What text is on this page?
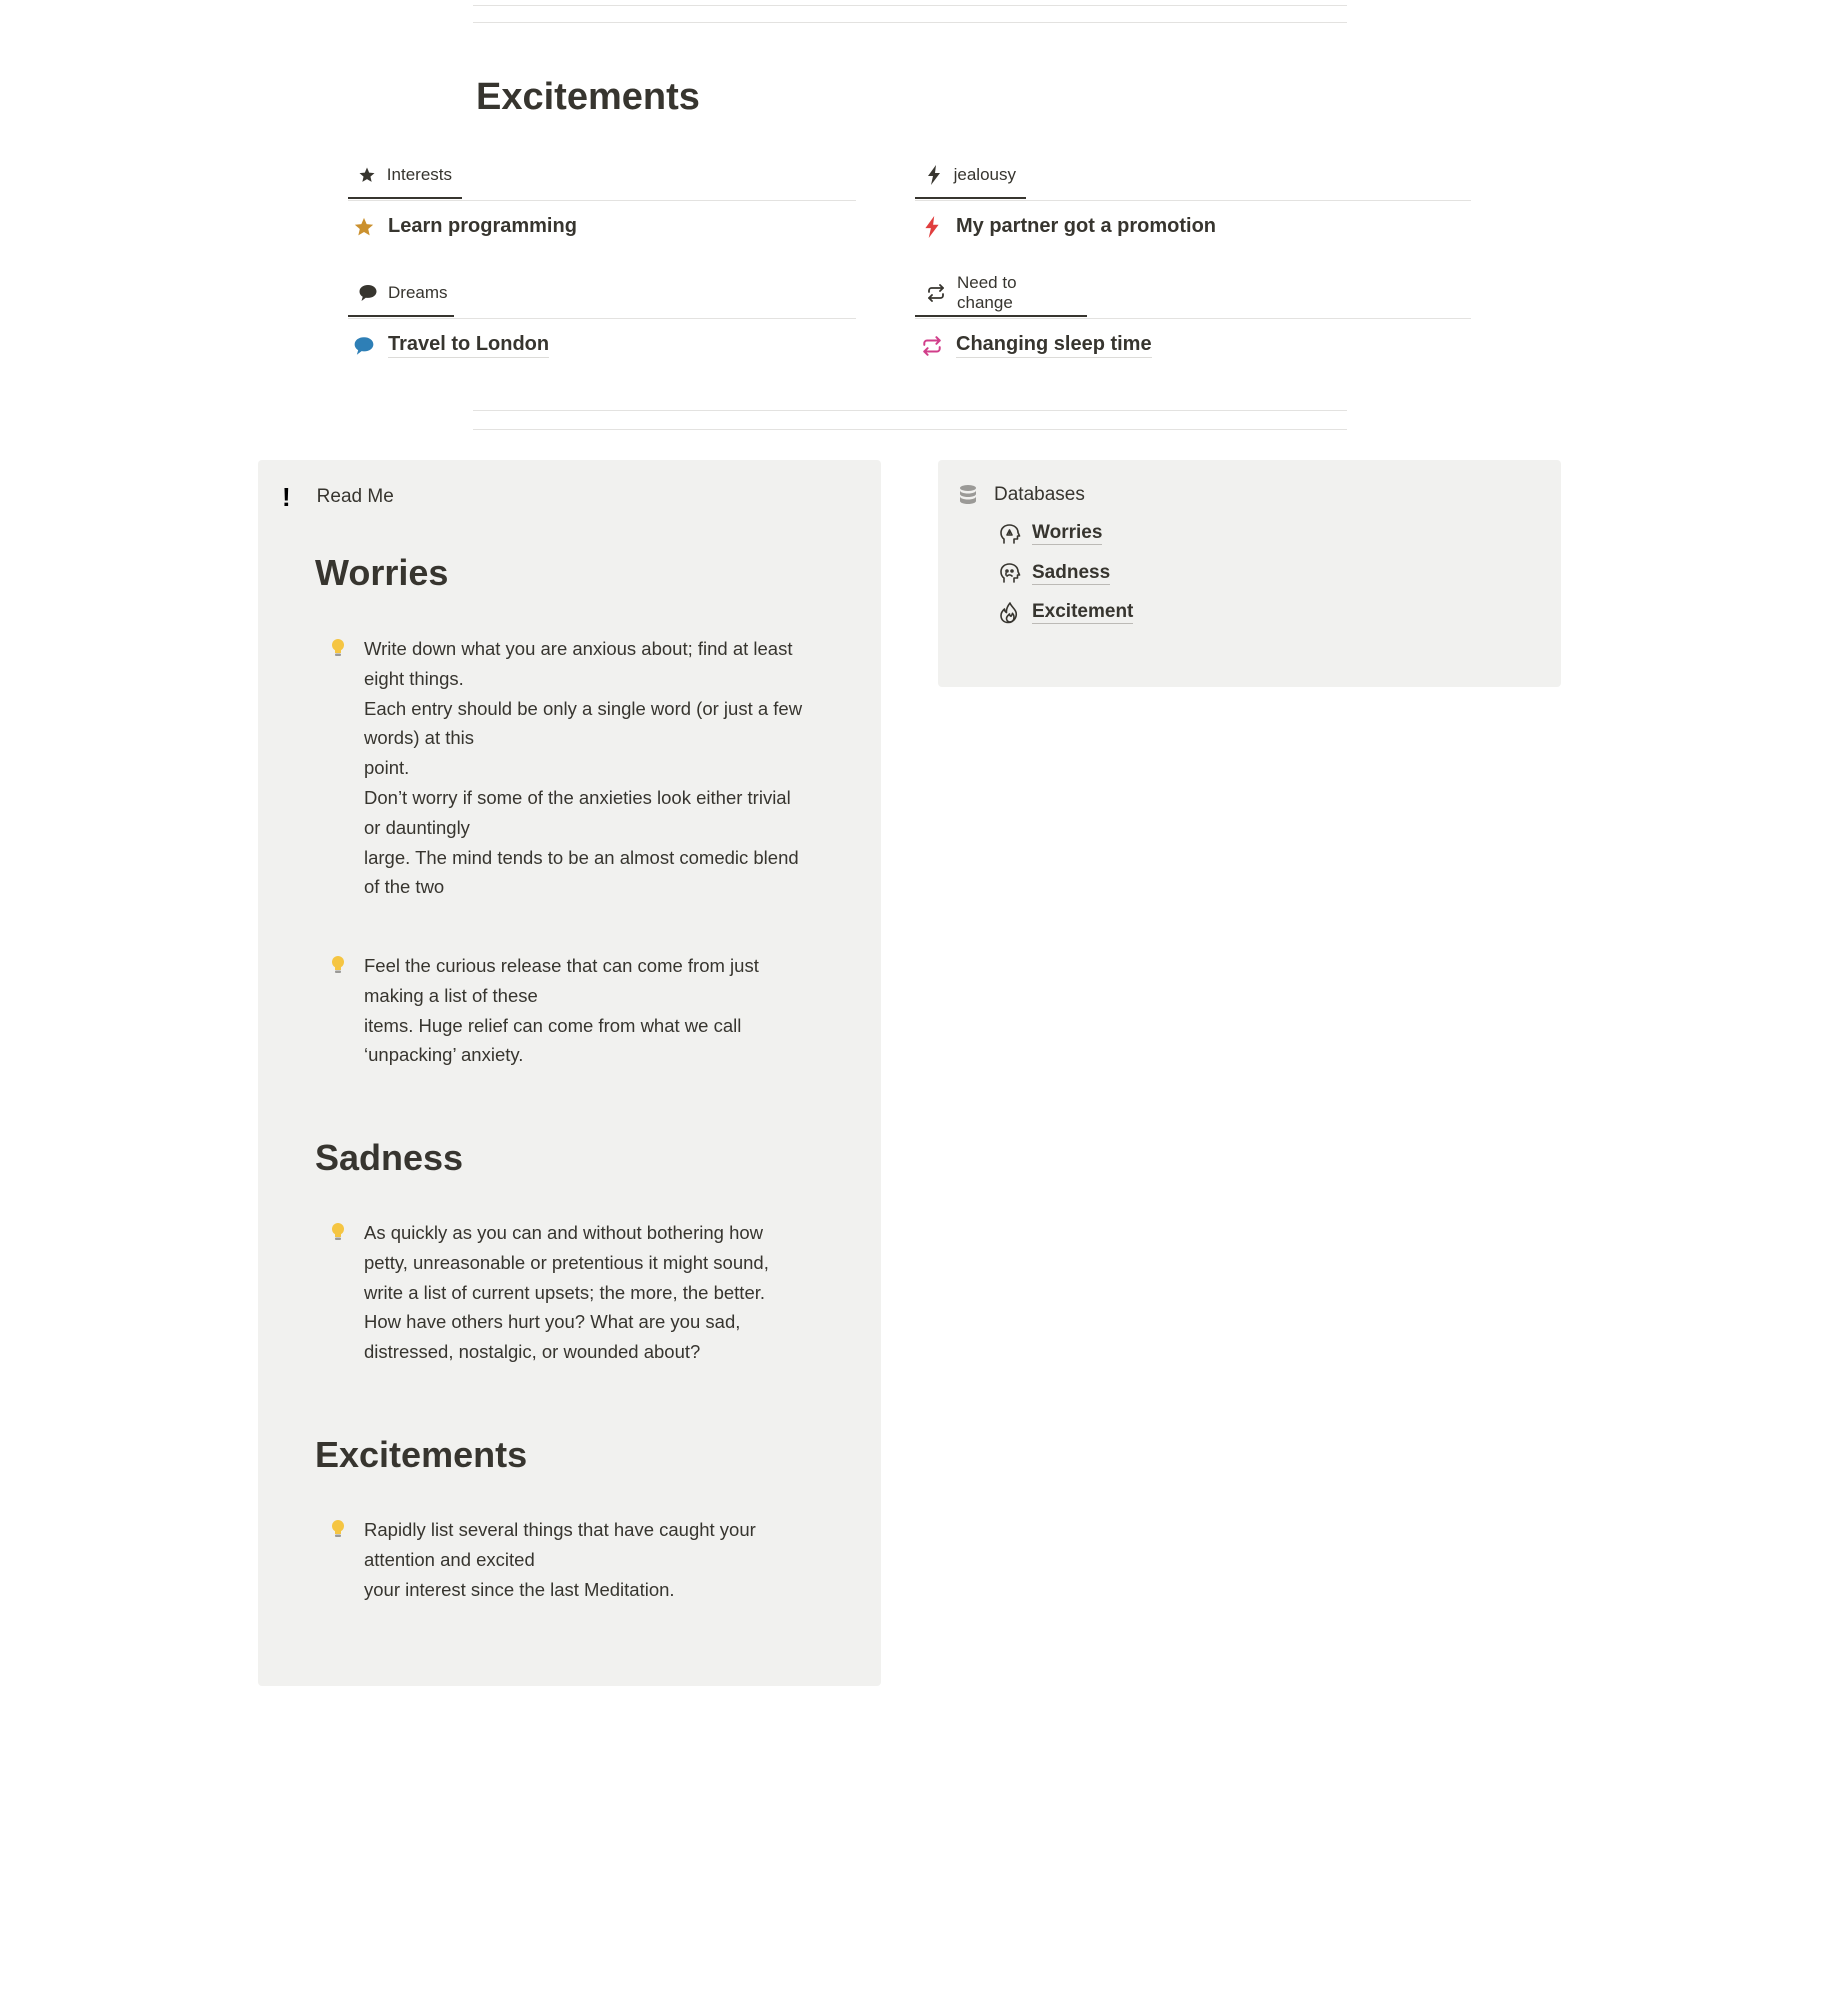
Excitements
Interests
Learn programming
jealousy
My partner got a promotion
Dreams
Travel to London
Need to change
Changing sleep time
! Read Me
Worries
Write down what you are anxious about; find at least
eight things.
Each entry should be only a single word (or just a few
words) at this
point.
Don’t worry if some of the anxieties look either trivial
or dauntingly
large. The mind tends to be an almost comedic blend
of the two
Feel the curious release that can come from just
making a list of these
items. Huge relief can come from what we call
‘unpacking’ anxiety.
Sadness
As quickly as you can and without bothering how
petty, unreasonable or pretentious it might sound,
write a list of current upsets; the more, the better.
How have others hurt you? What are you sad,
distressed, nostalgic, or wounded about?
Excitements
Rapidly list several things that have caught your
attention and excited
your interest since the last Meditation.
Databases
Worries
Sadness
Excitement
